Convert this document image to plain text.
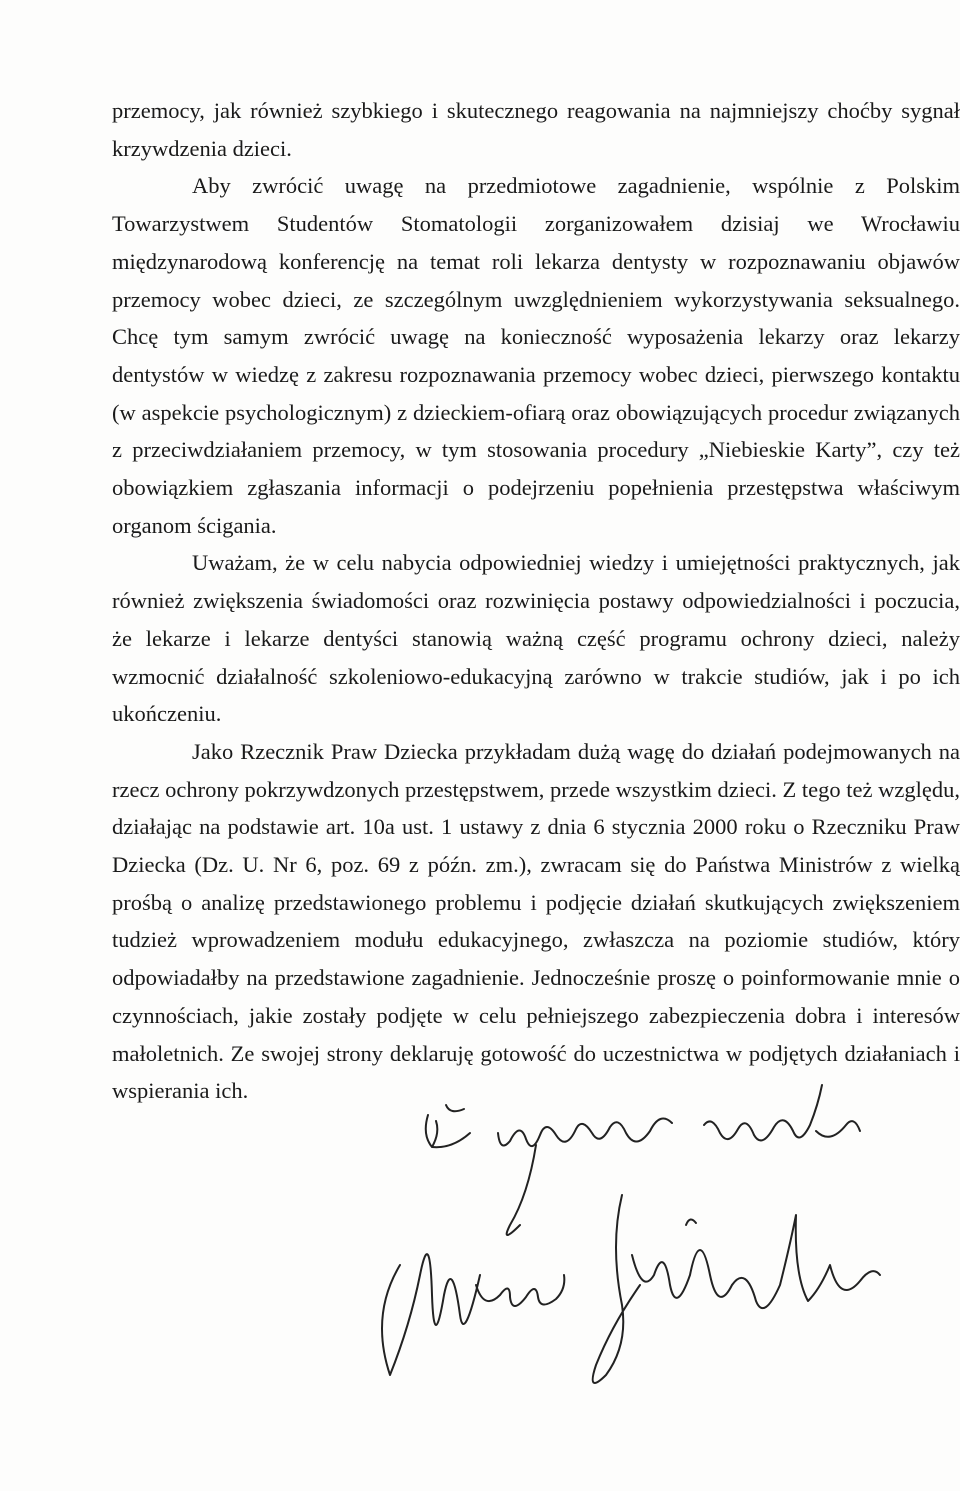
przemocy, jak również szybkiego i skutecznego reagowania na najmniejszy choćby sygnał krzywdzenia dzieci.

Aby zwrócić uwagę na przedmiotowe zagadnienie, wspólnie z Polskim Towarzystwem Studentów Stomatologii zorganizowałem dzisiaj we Wrocławiu międzynarodową konferencję na temat roli lekarza dentysty w rozpoznawaniu objawów przemocy wobec dzieci, ze szczególnym uwzględnieniem wykorzystywania seksualnego. Chcę tym samym zwrócić uwagę na konieczność wyposażenia lekarzy oraz lekarzy dentystów w wiedzę z zakresu rozpoznawania przemocy wobec dzieci, pierwszego kontaktu (w aspekcie psychologicznym) z dzieckiem-ofiarą oraz obowiązujących procedur związanych z przeciwdziałaniem przemocy, w tym stosowania procedury „Niebieskie Karty”, czy też obowiązkiem zgłaszania informacji o podejrzeniu popełnienia przestępstwa właściwym organom ścigania.

Uważam, że w celu nabycia odpowiedniej wiedzy i umiejętności praktycznych, jak również zwiększenia świadomości oraz rozwinięcia postawy odpowiedzialności i poczucia, że lekarze i lekarze dentyści stanowią ważną część programu ochrony dzieci, należy wzmocnić działalność szkoleniowo-edukacyjną zarówno w trakcie studiów, jak i po ich ukończeniu.

Jako Rzecznik Praw Dziecka przykładam dużą wagę do działań podejmowanych na rzecz ochrony pokrzywdzonych przestępstwem, przede wszystkim dzieci. Z tego też względu, działając na podstawie art. 10a ust. 1 ustawy z dnia 6 stycznia 2000 roku o Rzeczniku Praw Dziecka (Dz. U. Nr 6, poz. 69 z późn. zm.), zwracam się do Państwa Ministrów z wielką prośbą o analizę przedstawionego problemu i podjęcie działań skutkujących zwiększeniem tudzież wprowadzeniem modułu edukacyjnego, zwłaszcza na poziomie studiów, który odpowiadałby na przedstawione zagadnienie. Jednocześnie proszę o poinformowanie mnie o czynnościach, jakie zostały podjęte w celu pełniejszego zabezpieczenia dobra i interesów małoletnich. Ze swojej strony deklaruję gotowość do uczestnictwa w podjętych działaniach i wspierania ich.
